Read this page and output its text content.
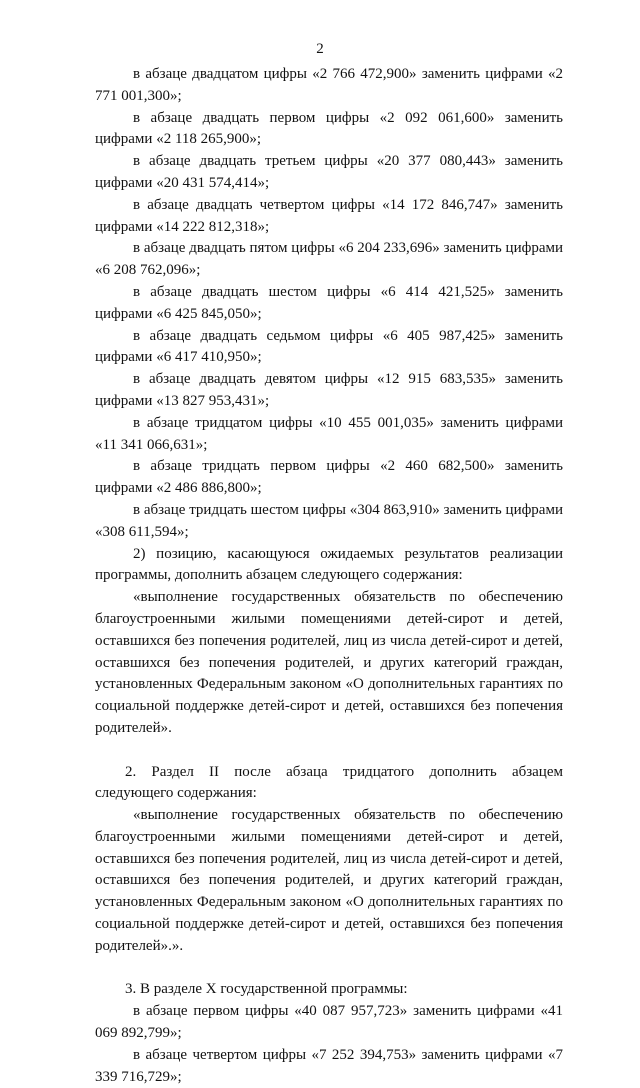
2

в абзаце двадцатом цифры «2 766 472,900» заменить цифрами «2 771 001,300»;

в абзаце двадцать первом цифры «2 092 061,600» заменить цифрами «2 118 265,900»;

в абзаце двадцать третьем цифры «20 377 080,443» заменить цифрами «20 431 574,414»;

в абзаце двадцать четвертом цифры «14 172 846,747» заменить цифрами «14 222 812,318»;

в абзаце двадцать пятом цифры «6 204 233,696» заменить цифрами «6 208 762,096»;

в абзаце двадцать шестом цифры «6 414 421,525» заменить цифрами «6 425 845,050»;

в абзаце двадцать седьмом цифры «6 405 987,425» заменить цифрами «6 417 410,950»;

в абзаце двадцать девятом цифры «12 915 683,535» заменить цифрами «13 827 953,431»;

в абзаце тридцатом цифры «10 455 001,035» заменить цифрами «11 341 066,631»;

в абзаце тридцать первом цифры «2 460 682,500» заменить цифрами «2 486 886,800»;

в абзаце тридцать шестом цифры «304 863,910» заменить цифрами «308 611,594»;

2) позицию, касающуюся ожидаемых результатов реализации программы, дополнить абзацем следующего содержания:

«выполнение государственных обязательств по обеспечению благоустроенными жилыми помещениями детей-сирот и детей, оставшихся без попечения родителей, лиц из числа детей-сирот и детей, оставшихся без попечения родителей, и других категорий граждан, установленных Федеральным законом «О дополнительных гарантиях по социальной поддержке детей-сирот и детей, оставшихся без попечения родителей».

2. Раздел II после абзаца тридцатого дополнить абзацем следующего содержания:

«выполнение государственных обязательств по обеспечению благоустроенными жилыми помещениями детей-сирот и детей, оставшихся без попечения родителей, лиц из числа детей-сирот и детей, оставшихся без попечения родителей, и других категорий граждан, установленных Федеральным законом «О дополнительных гарантиях по социальной поддержке детей-сирот и детей, оставшихся без попечения родителей».».

3. В разделе X государственной программы:

в абзаце первом цифры «40 087 957,723» заменить цифрами «41 069 892,799»;

в абзаце четвертом цифры «7 252 394,753» заменить цифрами «7 339 716,729»;
